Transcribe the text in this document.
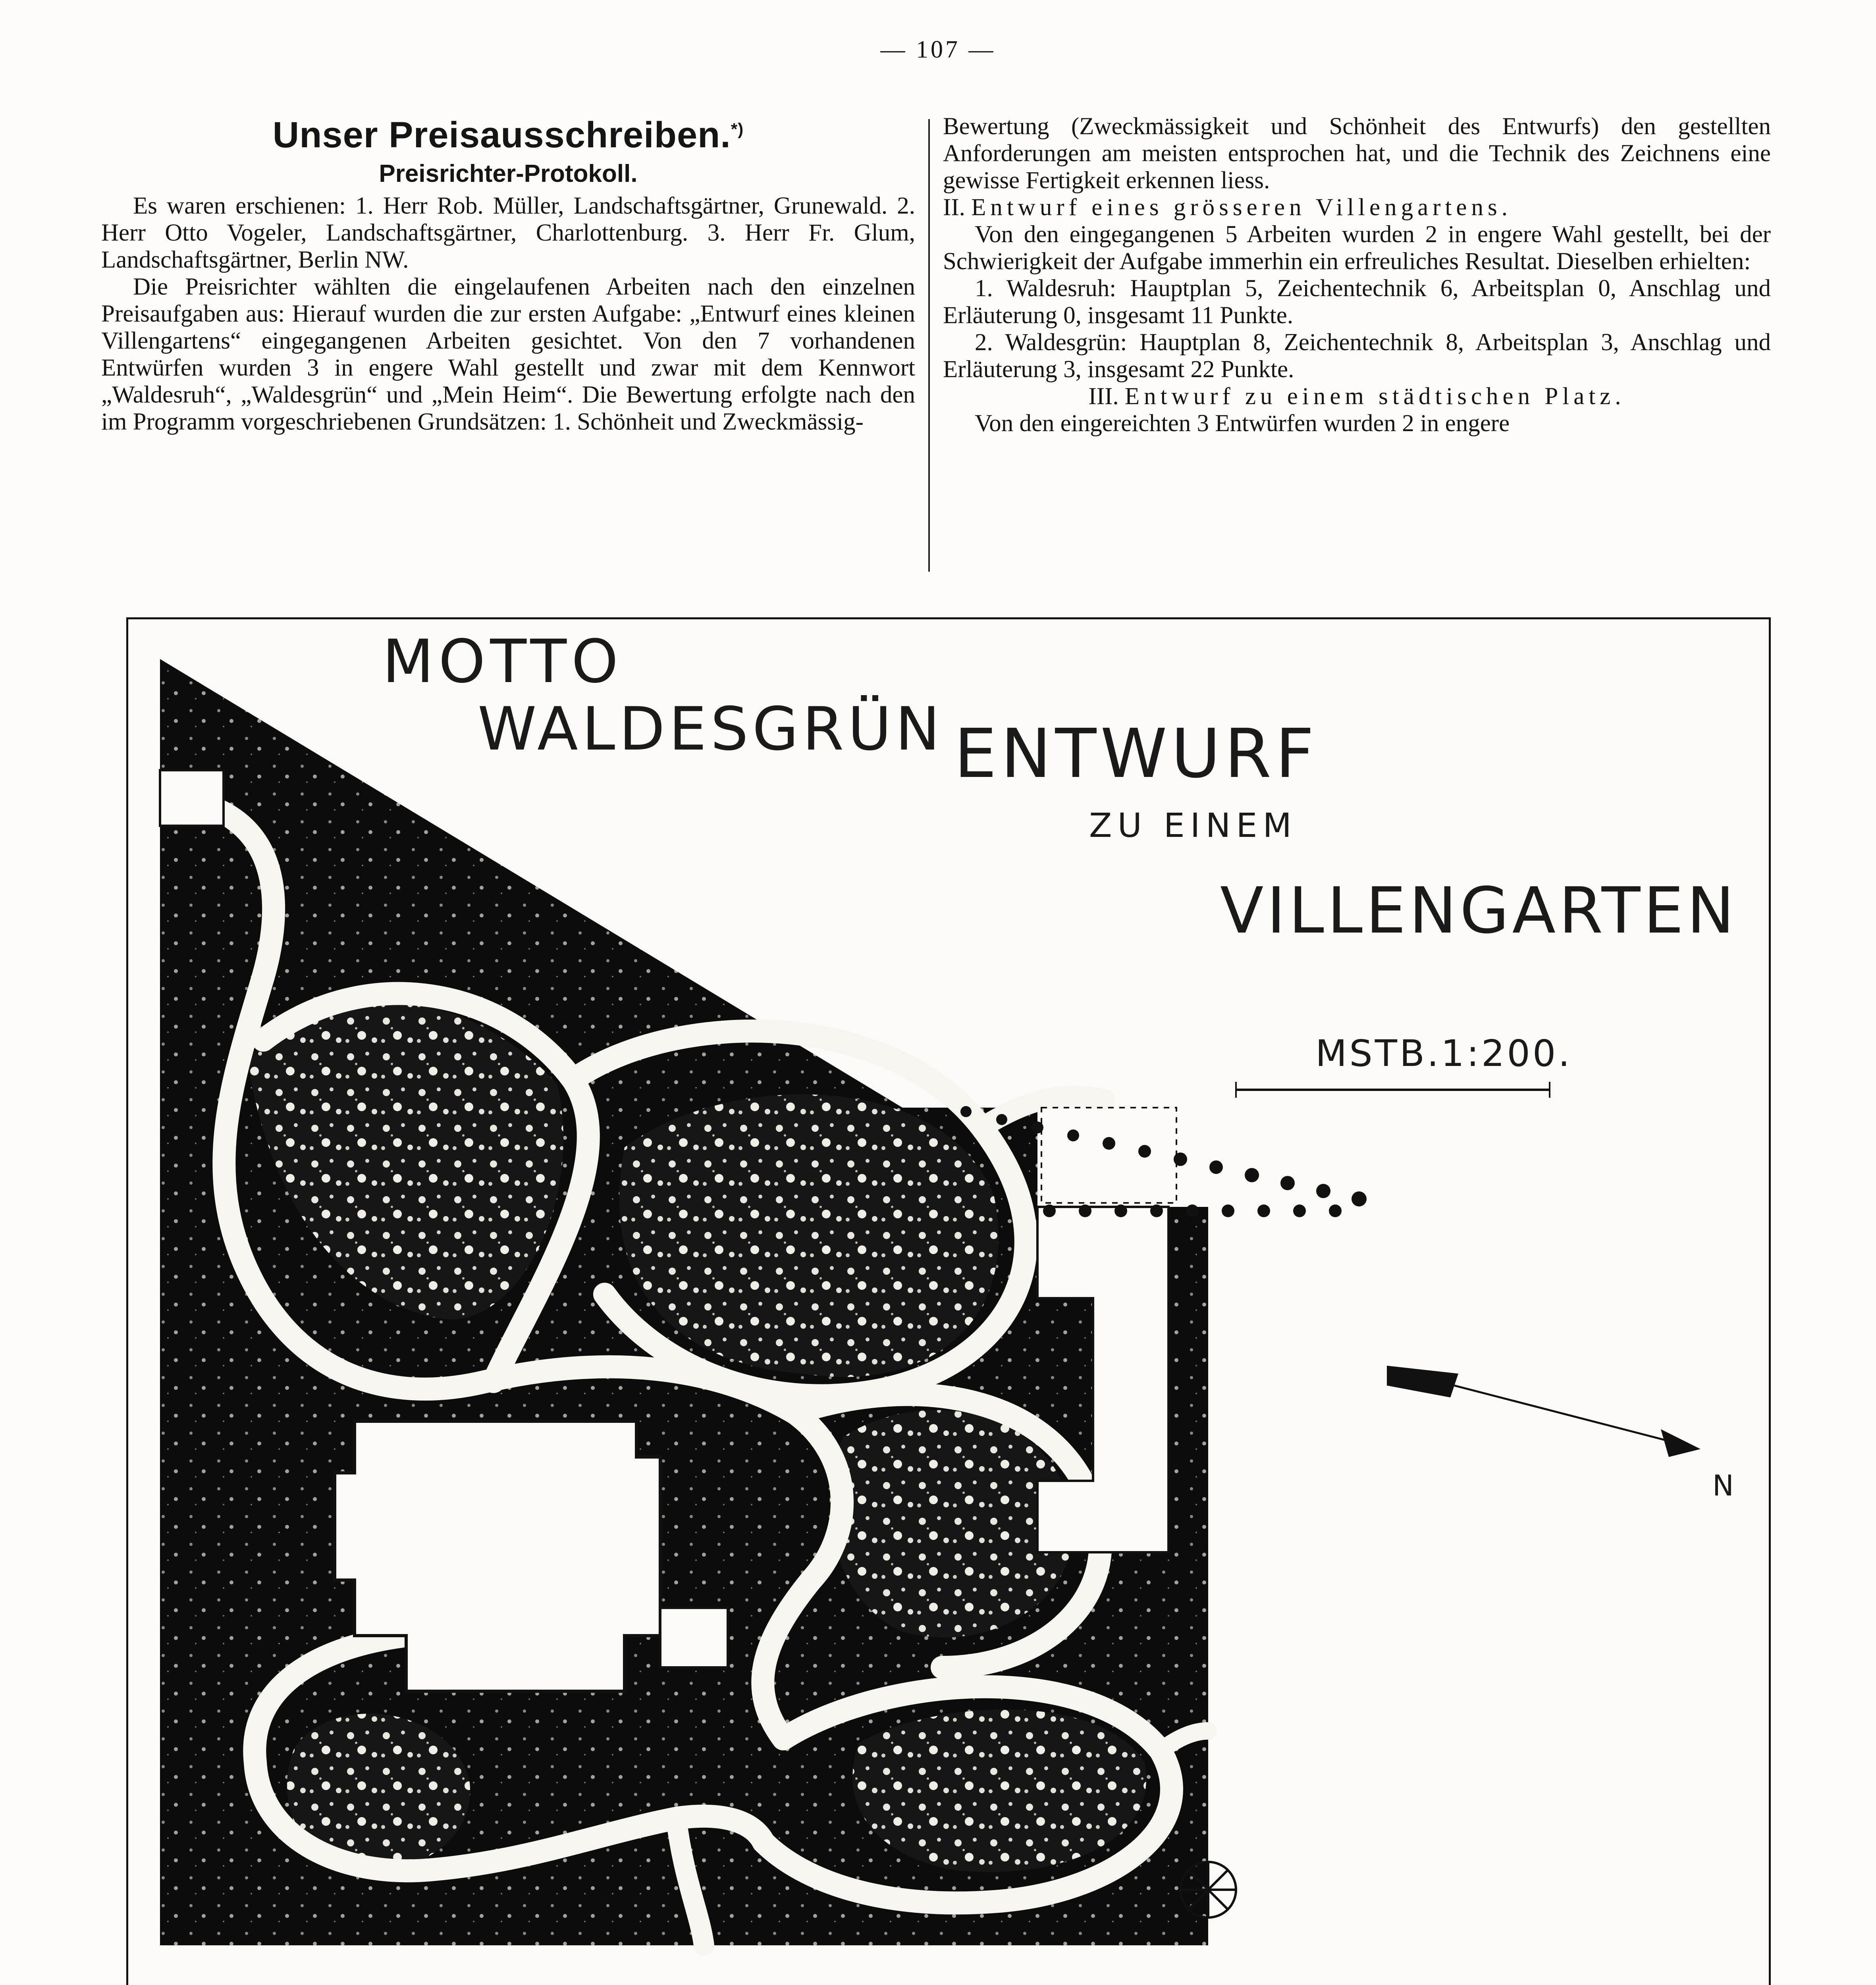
— 107 —
Unser Preisausschreiben.*)
Preisrichter-Protokoll.

Es waren erschienen: 1. Herr Rob. Müller, Landschaftsgärtner, Grunewald. 2. Herr Otto Vogeler, Landschaftsgärtner, Charlottenburg. 3. Herr Fr. Glum, Landschaftsgärtner, Berlin NW.

Die Preisrichter wählten die eingelaufenen Arbeiten nach den einzelnen Preisaufgaben aus: Hierauf wurden die zur ersten Aufgabe: „Entwurf eines kleinen Villengartens“ eingegangenen Arbeiten gesichtet. Von den 7 vorhandenen Entwürfen wurden 3 in engere Wahl gestellt und zwar mit dem Kennwort „Waldesruh“, „Waldesgrün“ und „Mein Heim“. Die Bewertung erfolgte nach den im Programm vorgeschriebenen Grundsätzen: 1. Schönheit und Zweckmässig-

Bewertung (Zweckmässigkeit und Schönheit des Entwurfs) den gestellten Anforderungen am meisten entsprochen hat, und die Technik des Zeichnens eine gewisse Fertigkeit erkennen liess.

II. Entwurf eines grösseren Villengartens.

Von den eingegangenen 5 Arbeiten wurden 2 in engere Wahl gestellt, bei der Schwierigkeit der Aufgabe immerhin ein erfreuliches Resultat. Dieselben erhielten:

1. Waldesruh: Hauptplan 5, Zeichentechnik 6, Arbeitsplan 0, Anschlag und Erläuterung 0, insgesamt 11 Punkte.

2. Waldesgrün: Hauptplan 8, Zeichentechnik 8, Arbeitsplan 3, Anschlag und Erläuterung 3, insgesamt 22 Punkte.

III. Entwurf zu einem städtischen Platz.

Von den eingereichten 3 Entwürfen wurden 2 in engere

MOTTO
WALDESGRÜN ENTWURF
ZU EINEM
VILLENGARTEN
MSTB.1:200.
N
